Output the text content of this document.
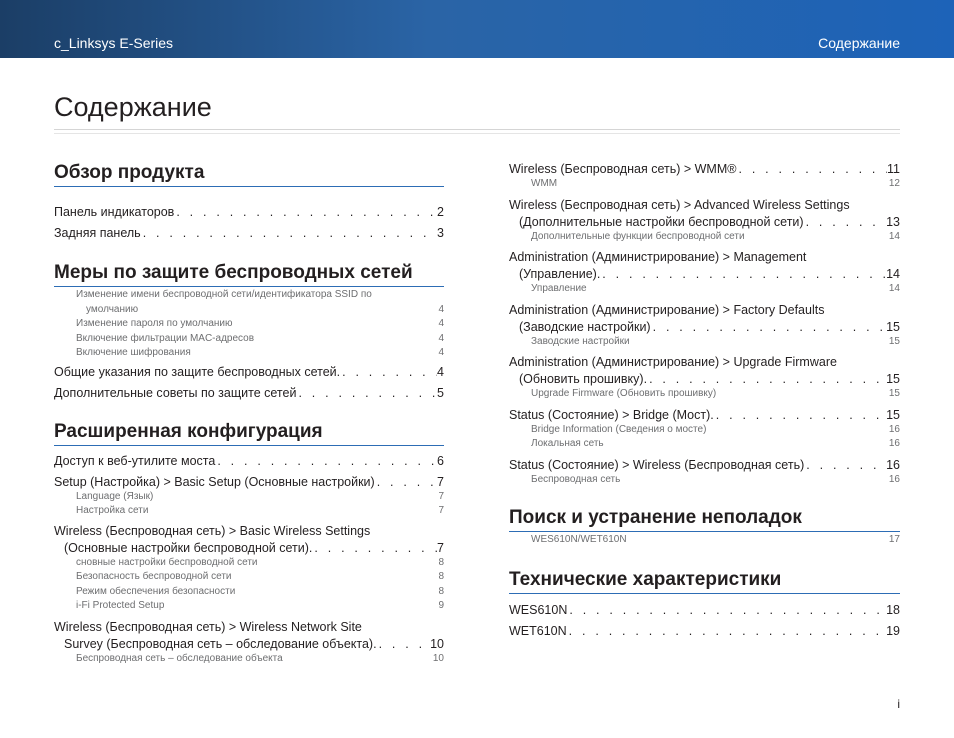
c_Linksys E-Series	Содержание
Содержание
Обзор продукта
Панель индикаторов . . .	2
Задняя панель . . .	3
Меры по защите беспроводных сетей
Изменение имени беспроводной сети/идентификатора SSID по
умолчанию	4
Изменение пароля по умолчанию	4
Включение фильтрации MAC-адресов	4
Включение шифрования	4
Общие указания по защите беспроводных сетей. . . .	4
Дополнительные советы по защите сетей . . .	5
Расширенная конфигурация
Доступ к веб-утилите моста . . .	6
Setup (Настройка) > Basic Setup (Основные настройки) . . .	7
Language (Язык)	7
Настройка сети	7
Wireless (Беспроводная сеть) > Basic Wireless Settings
(Основные настройки беспроводной сети). . . .	7
сновные настройки беспроводной сети	8
Безопасность беспроводной сети	8
Режим обеспечения безопасности	8
i-Fi Protected Setup	9
Wireless (Беспроводная сеть) > Wireless Network Site
Survey (Беспроводная сеть – обследование объекта). . . .	10
Беспроводная сеть – обследование объекта	10
Wireless (Беспроводная сеть) > WMM® . . .	11
WMM	12
Wireless (Беспроводная сеть) > Advanced Wireless Settings
(Дополнительные настройки беспроводной сети) . . .	13
Дополнительные функции беспроводной сети	14
Administration (Администрирование) > Management
(Управление). . . .	14
Управление	14
Administration (Администрирование) > Factory Defaults
(Заводские настройки) . . .	15
Заводские настройки	15
Administration (Администрирование) > Upgrade Firmware
(Обновить прошивку). . . .	15
Upgrade Firmware (Обновить прошивку)	15
Status (Состояние) > Bridge (Мост). . . .	15
Bridge Information (Сведения о мосте)	16
Локальная сеть	16
Status (Состояние) > Wireless (Беспроводная сеть) . . .	16
Беспроводная сеть	16
Поиск и устранение неполадок
WES610N/WET610N	17
Технические характеристики
WES610N . . .	18
WET610N . . .	19
i
